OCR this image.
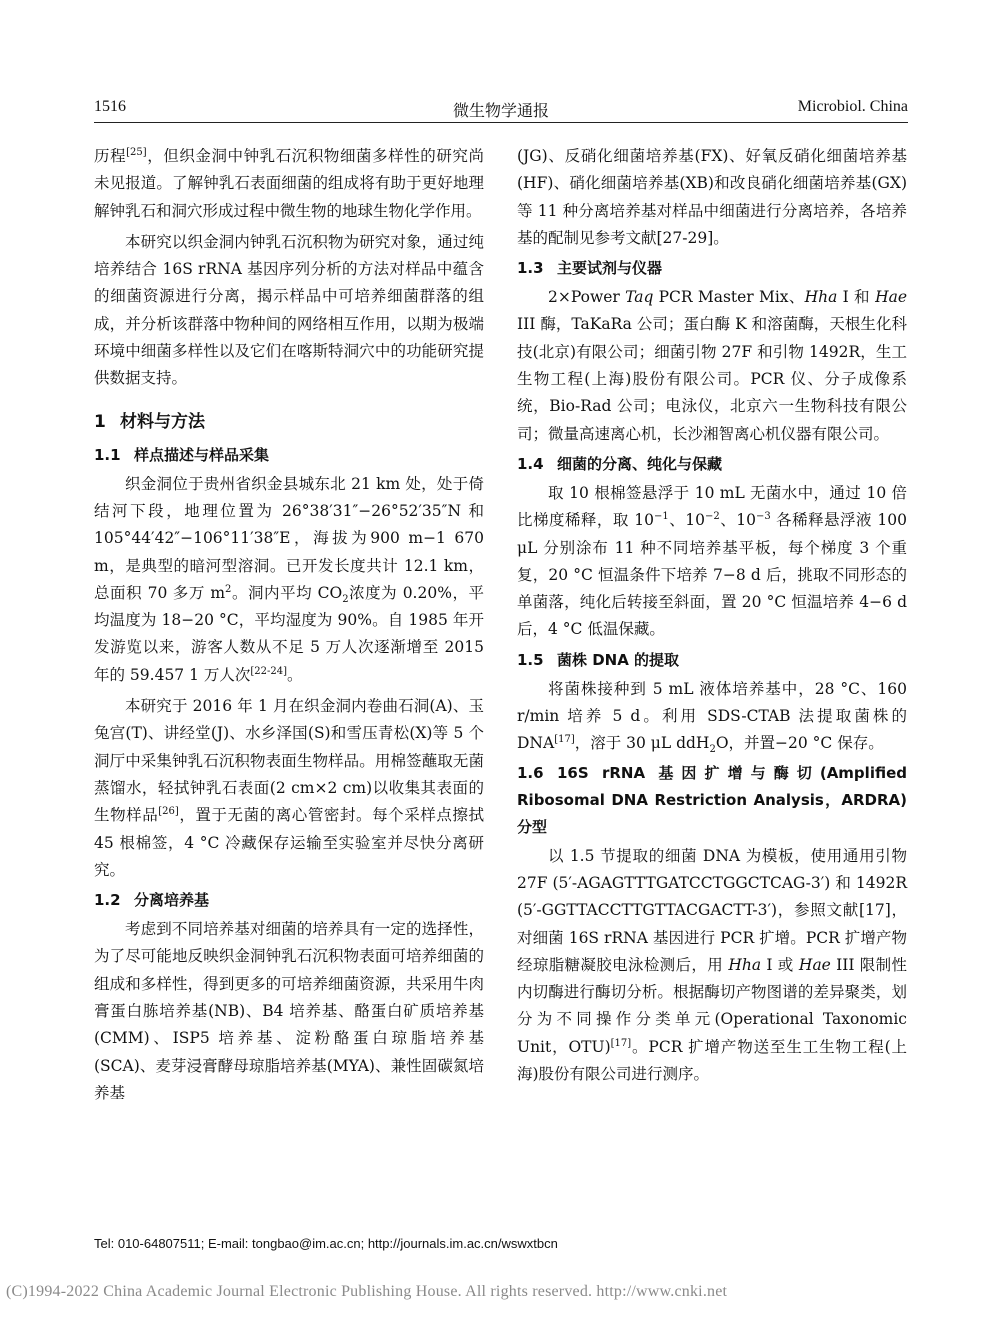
1516	微生物学通报	Microbiol. China

历程[25]，但织金洞中钟乳石沉积物细菌多样性的研究尚未见报道。了解钟乳石表面细菌的组成将有助于更好地理解钟乳石和洞穴形成过程中微生物的地球生物化学作用。

本研究以织金洞内钟乳石沉积物为研究对象，通过纯培养结合 16S rRNA 基因序列分析的方法对样品中蕴含的细菌资源进行分离，揭示样品中可培养细菌群落的组成，并分析该群落中物种间的网络相互作用，以期为极端环境中细菌多样性以及它们在喀斯特洞穴中的功能研究提供数据支持。

1 材料与方法
1.1 样点描述与样品采集

织金洞位于贵州省织金县城东北 21 km 处，处于倚结河下段，地理位置为 26°38′31″−26°52′35″N 和105°44′42″−106°11′38″E，海拔为900 m−1 670 m，是典型的暗河型溶洞。已开发长度共计 12.1 km，总面积 70 多万 $m^2$。洞内平均 $CO_2$浓度为 0.20%，平均温度为 18−20 °C，平均湿度为 90%。自 1985 年开发游览以来，游客人数从不足 5 万人次逐渐增至 2015 年的 59.457 1 万人次[22-24]。

本研究于 2016 年 1 月在织金洞内卷曲石洞(A)、玉兔宫(T)、讲经堂(J)、水乡泽国(S)和雪压青松(X)等 5 个洞厅中采集钟乳石沉积物表面生物样品。用棉签蘸取无菌蒸馏水，轻拭钟乳石表面(2 cm×2 cm)以收集其表面的生物样品[26]，置于无菌的离心管密封。每个采样点擦拭 45 根棉签，4 °C 冷藏保存运输至实验室并尽快分离研究。

1.2 分离培养基

考虑到不同培养基对细菌的培养具有一定的选择性，为了尽可能地反映织金洞钟乳石沉积物表面可培养细菌的组成和多样性，得到更多的可培养细菌资源，共采用牛肉膏蛋白胨培养基(NB)、B4 培养基、酪蛋白矿质培养基(CMM)、ISP5 培养基、淀粉酪蛋白琼脂培养基(SCA)、麦芽浸膏酵母琼脂培养基(MYA)、兼性固碳氮培养基

(JG)、反硝化细菌培养基(FX)、好氧反硝化细菌培养基(HF)、硝化细菌培养基(XB)和改良硝化细菌培养基(GX)等 11 种分离培养基对样品中细菌进行分离培养，各培养基的配制见参考文献[27-29]。

1.3 主要试剂与仪器

2×Power Taq PCR Master Mix、Hha I 和 Hae III 酶，TaKaRa 公司；蛋白酶 K 和溶菌酶，天根生化科技(北京)有限公司；细菌引物 27F 和引物 1492R，生工生物工程(上海)股份有限公司。PCR 仪、分子成像系统，Bio-Rad 公司；电泳仪，北京六一生物科技有限公司；微量高速离心机，长沙湘智离心机仪器有限公司。

1.4 细菌的分离、纯化与保藏

取 10 根棉签悬浮于 10 mL 无菌水中，通过 10 倍比梯度稀释，取 $10^{-1}$、$10^{-2}$、$10^{-3}$ 各稀释悬浮液 100 μL 分别涂布 11 种不同培养基平板，每个梯度 3 个重复，20 °C 恒温条件下培养 7−8 d 后，挑取不同形态的单菌落，纯化后转接至斜面，置 20 °C 恒温培养 4−6 d 后，4 °C 低温保藏。

1.5 菌株 DNA 的提取

将菌株接种到 5 mL 液体培养基中，28 °C、160 r/min 培养 5 d。利用 SDS-CTAB 法提取菌株的 DNA[17]，溶于 30 μL ddH$_2$O，并置−20 °C 保存。

1.6 16S rRNA 基因扩增与酶切(Amplified Ribosomal DNA Restriction Analysis，ARDRA)分型

以 1.5 节提取的细菌 DNA 为模板，使用通用引物 27F (5′-AGAGTTTGATCCTGGCTCAG-3′) 和 1492R (5′-GGTTACCTTGTTACGACTT-3′)，参照文献[17]，对细菌 16S rRNA 基因进行 PCR 扩增。PCR 扩增产物经琼脂糖凝胶电泳检测后，用 Hha I 或 Hae III 限制性内切酶进行酶切分析。根据酶切产物图谱的差异聚类，划分为不同操作分类单元(Operational Taxonomic Unit，OTU)[17]。PCR 扩增产物送至生工生物工程(上海)股份有限公司进行测序。

Tel: 010-64807511; E-mail: tongbao@im.ac.cn; http://journals.im.ac.cn/wswxtbcn
(C)1994-2022 China Academic Journal Electronic Publishing House. All rights reserved. http://www.cnki.net
